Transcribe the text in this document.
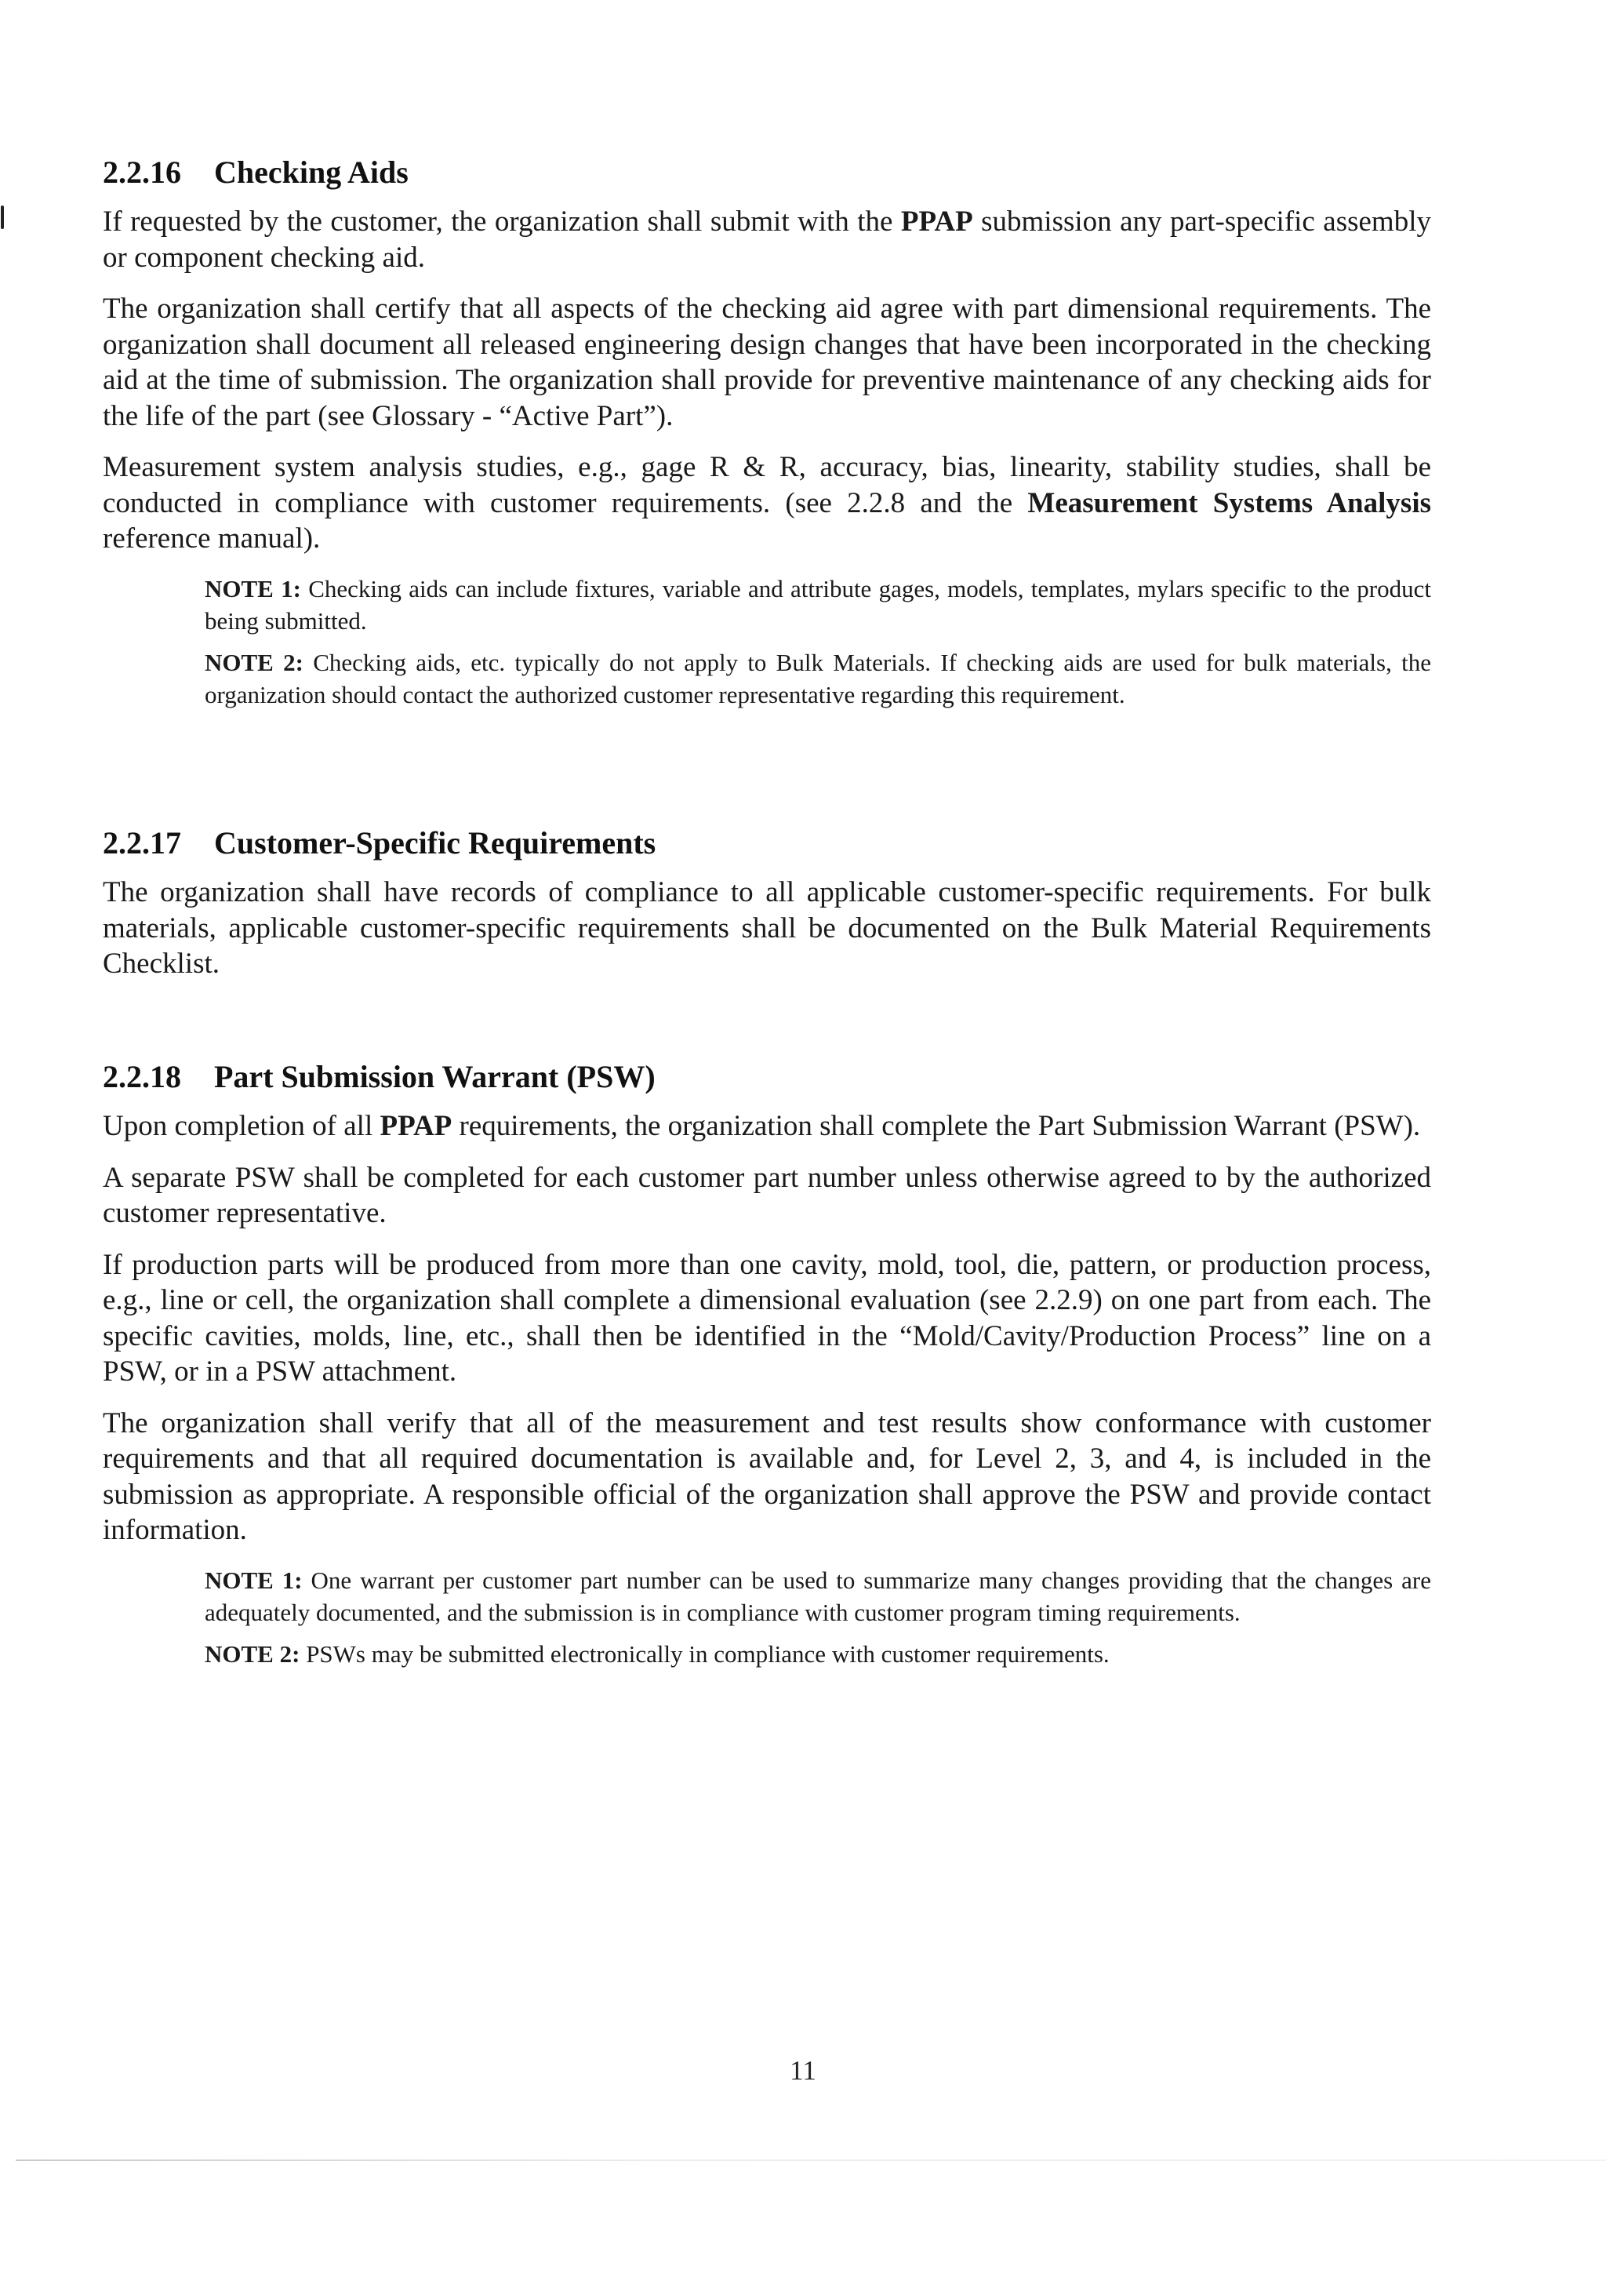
2.2.16 Checking Aids

If requested by the customer, the organization shall submit with the PPAP submission any part-specific assembly or component checking aid.

The organization shall certify that all aspects of the checking aid agree with part dimensional requirements. The organization shall document all released engineering design changes that have been incorporated in the checking aid at the time of submission. The organization shall provide for preventive maintenance of any checking aids for the life of the part (see Glossary - “Active Part”).

Measurement system analysis studies, e.g., gage R & R, accuracy, bias, linearity, stability studies, shall be conducted in compliance with customer requirements. (see 2.2.8 and the Measurement Systems Analysis reference manual).

NOTE 1: Checking aids can include fixtures, variable and attribute gages, models, templates, mylars specific to the product being submitted.
NOTE 2: Checking aids, etc. typically do not apply to Bulk Materials. If checking aids are used for bulk materials, the organization should contact the authorized customer representative regarding this requirement.
2.2.17 Customer-Specific Requirements

The organization shall have records of compliance to all applicable customer-specific requirements. For bulk materials, applicable customer-specific requirements shall be documented on the Bulk Material Requirements Checklist.

2.2.18 Part Submission Warrant (PSW)

Upon completion of all PPAP requirements, the organization shall complete the Part Submission Warrant (PSW).

A separate PSW shall be completed for each customer part number unless otherwise agreed to by the authorized customer representative.

If production parts will be produced from more than one cavity, mold, tool, die, pattern, or production process, e.g., line or cell, the organization shall complete a dimensional evaluation (see 2.2.9) on one part from each. The specific cavities, molds, line, etc., shall then be identified in the “Mold/Cavity/Production Process” line on a PSW, or in a PSW attachment.

The organization shall verify that all of the measurement and test results show conformance with customer requirements and that all required documentation is available and, for Level 2, 3, and 4, is included in the submission as appropriate. A responsible official of the organization shall approve the PSW and provide contact information.

NOTE 1: One warrant per customer part number can be used to summarize many changes providing that the changes are adequately documented, and the submission is in compliance with customer program timing requirements.
NOTE 2: PSWs may be submitted electronically in compliance with customer requirements.
11
